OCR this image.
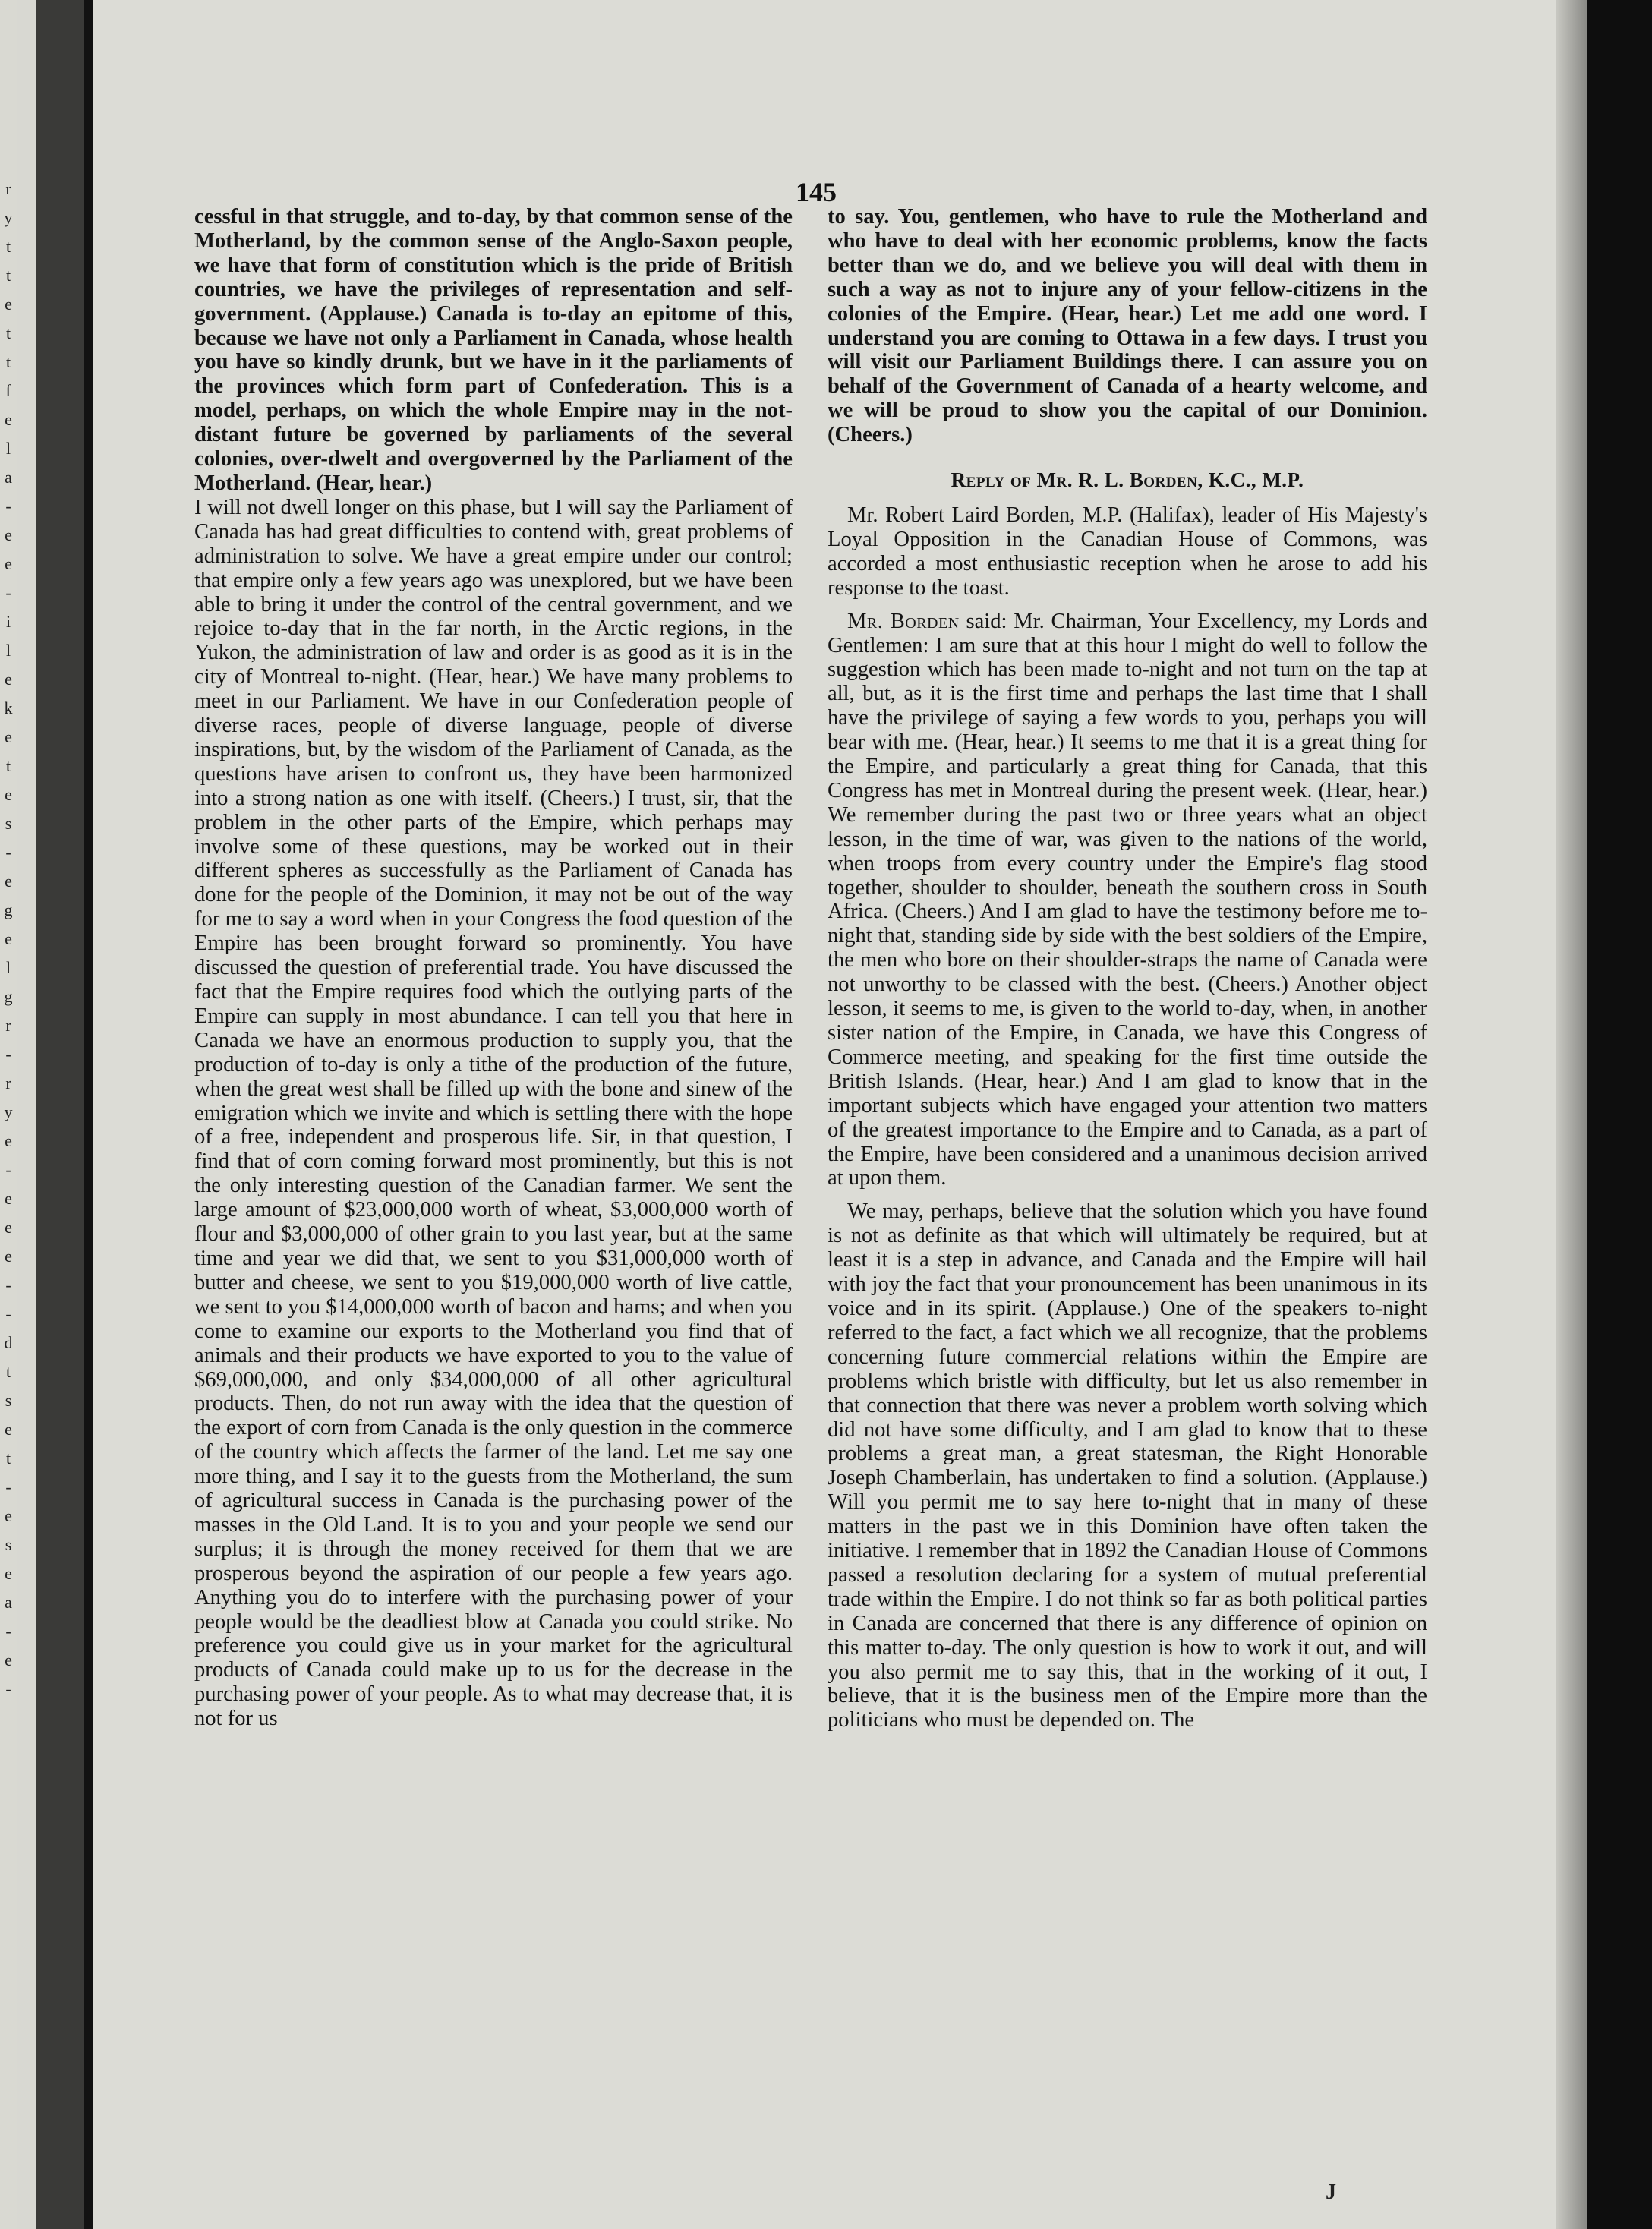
r
y
t
t
e
t
t
f
e
l
a
-
e
e
-
i
l
e
k
e
t
e
s
-
e
g
e
l
g
r
-
r
y
e
-
e
e
e
-
-
d
t
s
e
t
-
e
s
e
a
-
e
-
145

cessful in that struggle, and to-day, by that common sense of the Motherland, by the common sense of the Anglo-Saxon people, we have that form of constitution which is the pride of British countries, we have the privileges of representation and self-government. (Applause.) Canada is to-day an epitome of this, because we have not only a Parliament in Canada, whose health you have so kindly drunk, but we have in it the parliaments of the provinces which form part of Confederation. This is a model, perhaps, on which the whole Empire may in the not-distant future be governed by parliaments of the several colonies, over-dwelt and overgoverned by the Parliament of the Motherland. (Hear, hear.)

I will not dwell longer on this phase, but I will say the Parliament of Canada has had great difficulties to contend with, great problems of administration to solve. We have a great empire under our control; that empire only a few years ago was unexplored, but we have been able to bring it under the control of the central government, and we rejoice to-day that in the far north, in the Arctic regions, in the Yukon, the administration of law and order is as good as it is in the city of Montreal to-night. (Hear, hear.) We have many problems to meet in our Parliament. We have in our Confederation people of diverse races, people of diverse language, people of diverse inspirations, but, by the wisdom of the Parliament of Canada, as the questions have arisen to confront us, they have been harmonized into a strong nation as one with itself. (Cheers.) I trust, sir, that the problem in the other parts of the Empire, which perhaps may involve some of these questions, may be worked out in their different spheres as successfully as the Parliament of Canada has done for the people of the Dominion, it may not be out of the way for me to say a word when in your Congress the food question of the Empire has been brought forward so prominently. You have discussed the question of preferential trade. You have discussed the fact that the Empire requires food which the outlying parts of the Empire can supply in most abundance. I can tell you that here in Canada we have an enormous production to supply you, that the production of to-day is only a tithe of the production of the future, when the great west shall be filled up with the bone and sinew of the emigration which we invite and which is settling there with the hope of a free, independent and prosperous life. Sir, in that question, I find that of corn coming forward most prominently, but this is not the only interesting question of the Canadian farmer. We sent the large amount of $23,000,000 worth of wheat, $3,000,000 worth of flour and $3,000,000 of other grain to you last year, but at the same time and year we did that, we sent to you $31,000,000 worth of butter and cheese, we sent to you $19,000,000 worth of live cattle, we sent to you $14,000,000 worth of bacon and hams; and when you come to examine our exports to the Motherland you find that of animals and their products we have exported to you to the value of $69,000,000, and only $34,000,000 of all other agricultural products. Then, do not run away with the idea that the question of the export of corn from Canada is the only question in the commerce of the country which affects the farmer of the land. Let me say one more thing, and I say it to the guests from the Motherland, the sum of agricultural success in Canada is the purchasing power of the masses in the Old Land. It is to you and your people we send our surplus; it is through the money received for them that we are prosperous beyond the aspiration of our people a few years ago. Anything you do to interfere with the purchasing power of your people would be the deadliest blow at Canada you could strike. No preference you could give us in your market for the agricultural products of Canada could make up to us for the decrease in the purchasing power of your people. As to what may decrease that, it is not for us

to say. You, gentlemen, who have to rule the Motherland and who have to deal with her economic problems, know the facts better than we do, and we believe you will deal with them in such a way as not to injure any of your fellow-citizens in the colonies of the Empire. (Hear, hear.) Let me add one word. I understand you are coming to Ottawa in a few days. I trust you will visit our Parliament Buildings there. I can assure you on behalf of the Government of Canada of a hearty welcome, and we will be proud to show you the capital of our Dominion. (Cheers.)

Reply of Mr. R. L. Borden, K.C., M.P.

Mr. Robert Laird Borden, M.P. (Halifax), leader of His Majesty's Loyal Opposition in the Canadian House of Commons, was accorded a most enthusiastic reception when he arose to add his response to the toast.

Mr. Borden said: Mr. Chairman, Your Excellency, my Lords and Gentlemen: I am sure that at this hour I might do well to follow the suggestion which has been made to-night and not turn on the tap at all, but, as it is the first time and perhaps the last time that I shall have the privilege of saying a few words to you, perhaps you will bear with me. (Hear, hear.) It seems to me that it is a great thing for the Empire, and particularly a great thing for Canada, that this Congress has met in Montreal during the present week. (Hear, hear.) We remember during the past two or three years what an object lesson, in the time of war, was given to the nations of the world, when troops from every country under the Empire's flag stood together, shoulder to shoulder, beneath the southern cross in South Africa. (Cheers.) And I am glad to have the testimony before me to-night that, standing side by side with the best soldiers of the Empire, the men who bore on their shoulder-straps the name of Canada were not unworthy to be classed with the best. (Cheers.) Another object lesson, it seems to me, is given to the world to-day, when, in another sister nation of the Empire, in Canada, we have this Congress of Commerce meeting, and speaking for the first time outside the British Islands. (Hear, hear.) And I am glad to know that in the important subjects which have engaged your attention two matters of the greatest importance to the Empire and to Canada, as a part of the Empire, have been considered and a unanimous decision arrived at upon them.

We may, perhaps, believe that the solution which you have found is not as definite as that which will ultimately be required, but at least it is a step in advance, and Canada and the Empire will hail with joy the fact that your pronouncement has been unanimous in its voice and in its spirit. (Applause.) One of the speakers to-night referred to the fact, a fact which we all recognize, that the problems concerning future commercial relations within the Empire are problems which bristle with difficulty, but let us also remember in that connection that there was never a problem worth solving which did not have some difficulty, and I am glad to know that to these problems a great man, a great statesman, the Right Honorable Joseph Chamberlain, has undertaken to find a solution. (Applause.) Will you permit me to say here to-night that in many of these matters in the past we in this Dominion have often taken the initiative. I remember that in 1892 the Canadian House of Commons passed a resolution declaring for a system of mutual preferential trade within the Empire. I do not think so far as both political parties in Canada are concerned that there is any difference of opinion on this matter to-day. The only question is how to work it out, and will you also permit me to say this, that in the working of it out, I believe, that it is the business men of the Empire more than the politicians who must be depended on. The

J
